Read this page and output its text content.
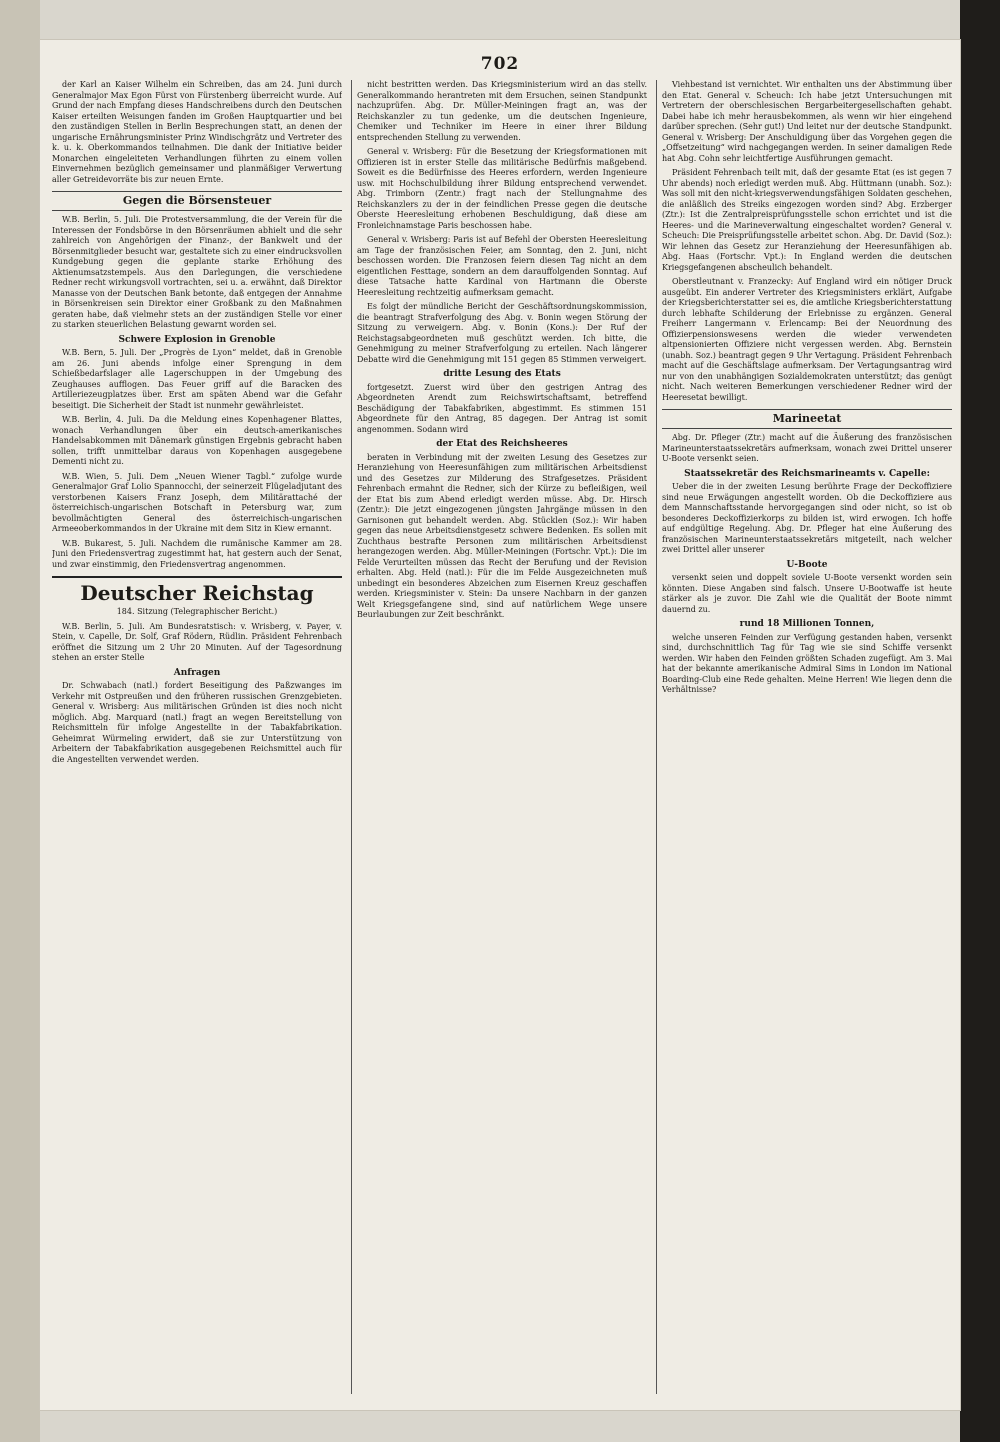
702

der Karl an Kaiser Wilhelm ein Schreiben, das am 24. Juni durch Generalmajor Max Egon Fürst von Fürstenberg überreicht wurde. Auf Grund der nach Empfang dieses Handschreibens durch den Deutschen Kaiser erteilten Weisungen fanden im Großen Hauptquartier und bei den zuständigen Stellen in Berlin Besprechungen statt, an denen der ungarische Ernährungsminister Prinz Windischgrätz und Vertreter des k. u. k. Oberkommandos teilnahmen. Die dank der Initiative beider Monarchen eingeleiteten Verhandlungen führten zu einem vollen Einvernehmen bezüglich gemeinsamer und planmäßiger Verwertung aller Getreidevorräte bis zur neuen Ernte.

Gegen die Börsensteuer

W.B. Berlin, 5. Juli. Die Protestversammlung, die der Verein für die Interessen der Fondsbörse in den Börsenräumen abhielt und die sehr zahlreich von Angehörigen der Finanz-, der Bankwelt und der Börsenmitglieder besucht war, gestaltete sich zu einer eindrucksvollen Kundgebung gegen die geplante starke Erhöhung des Aktienumsatzstempels. Aus den Darlegungen, die verschiedene Redner recht wirkungsvoll vortrachten, sei u. a. erwähnt, daß Direktor Manasse von der Deutschen Bank betonte, daß entgegen der Annahme in Börsenkreisen sein Direktor einer Großbank zu den Maßnahmen geraten habe, daß vielmehr stets an der zuständigen Stelle vor einer zu starken steuerlichen Belastung gewarnt worden sei.

Schwere Explosion in Grenoble

W.B. Bern, 5. Juli. Der „Progrès de Lyon“ meldet, daß in Grenoble am 26. Juni abends infolge einer Sprengung in dem Schießbedarfslager alle Lagerschuppen in der Umgebung des Zeughauses aufflogen. Das Feuer griff auf die Baracken des Artilleriezeugplatzes über. Erst am späten Abend war die Gefahr beseitigt. Die Sicherheit der Stadt ist nunmehr gewährleistet.

W.B. Berlin, 4. Juli. Da die Meldung eines Kopenhagener Blattes, wonach Verhandlungen über ein deutsch-amerikanisches Handelsabkommen mit Dänemark günstigen Ergebnis gebracht haben sollen, trifft unmittelbar daraus von Kopenhagen ausgegebene Dementi nicht zu.

W.B. Wien, 5. Juli. Dem „Neuen Wiener Tagbl.“ zufolge wurde Generalmajor Graf Lolio Spannocchi, der seinerzeit Flügeladjutant des verstorbenen Kaisers Franz Joseph, dem Militärattaché der österreichisch-ungarischen Botschaft in Petersburg war, zum bevollmächtigten General des österreichisch-ungarischen Armeeoberkommandos in der Ukraine mit dem Sitz in Kiew ernannt.

W.B. Bukarest, 5. Juli. Nachdem die rumänische Kammer am 28. Juni den Friedensvertrag zugestimmt hat, hat gestern auch der Senat, und zwar einstimmig, den Friedensvertrag angenommen.

Deutscher Reichstag
184. Sitzung (Telegraphischer Bericht.)

W.B. Berlin, 5. Juli. Am Bundesratstisch: v. Wrisberg, v. Payer, v. Stein, v. Capelle, Dr. Solf, Graf Rödern, Rüdlin. Präsident Fehrenbach eröffnet die Sitzung um 2 Uhr 20 Minuten. Auf der Tagesordnung stehen an erster Stelle

Anfragen

Dr. Schwabach (natl.) fordert Beseitigung des Paßzwanges im Verkehr mit Ostpreußen und den früheren russischen Grenzgebieten. General v. Wrisberg: Aus militärischen Gründen ist dies noch nicht möglich. Abg. Marquard (natl.) fragt an wegen Bereitstellung von Reichsmitteln für infolge Angestellte in der Tabakfabrikation. Geheimrat Würmeling erwidert, daß sie zur Unterstützung von Arbeitern der Tabakfabrikation ausgegebenen Reichsmittel auch für die Angestellten verwendet werden.

nicht bestritten werden. Das Kriegsministerium wird an das stellv. Generalkommando herantreten mit dem Ersuchen, seinen Standpunkt nachzuprüfen. Abg. Dr. Müller-Meiningen fragt an, was der Reichskanzler zu tun gedenke, um die deutschen Ingenieure, Chemiker und Techniker im Heere in einer ihrer Bildung entsprechenden Stellung zu verwenden.

General v. Wrisberg: Für die Besetzung der Kriegsformationen mit Offizieren ist in erster Stelle das militärische Bedürfnis maßgebend. Soweit es die Bedürfnisse des Heeres erfordern, werden Ingenieure usw. mit Hochschulbildung ihrer Bildung entsprechend verwendet. Abg. Trimborn (Zentr.) fragt nach der Stellungnahme des Reichskanzlers zu der in der feindlichen Presse gegen die deutsche Oberste Heeresleitung erhobenen Beschuldigung, daß diese am Fronleichnamstage Paris beschossen habe.

General v. Wrisberg: Paris ist auf Befehl der Obersten Heeresleitung am Tage der französischen Feier, am Sonntag, den 2. Juni, nicht beschossen worden. Die Franzosen feiern diesen Tag nicht an dem eigentlichen Festtage, sondern an dem darauffolgenden Sonntag. Auf diese Tatsache hatte Kardinal von Hartmann die Oberste Heeresleitung rechtzeitig aufmerksam gemacht.

Es folgt der mündliche Bericht der Geschäftsordnungskommission, die beantragt Strafverfolgung des Abg. v. Bonin wegen Störung der Sitzung zu verweigern. Abg. v. Bonin (Kons.): Der Ruf der Reichstagsabgeordneten muß geschützt werden. Ich bitte, die Genehmigung zu meiner Strafverfolgung zu erteilen. Nach längerer Debatte wird die Genehmigung mit 151 gegen 85 Stimmen verweigert.

dritte Lesung des Etats

fortgesetzt. Zuerst wird über den gestrigen Antrag des Abgeordneten Arendt zum Reichswirtschaftsamt, betreffend Beschädigung der Tabakfabriken, abgestimmt. Es stimmen 151 Abgeordnete für den Antrag, 85 dagegen. Der Antrag ist somit angenommen. Sodann wird

der Etat des Reichsheeres

beraten in Verbindung mit der zweiten Lesung des Gesetzes zur Heranziehung von Heeresunfähigen zum militärischen Arbeitsdienst und des Gesetzes zur Milderung des Strafgesetzes. Präsident Fehrenbach ermahnt die Redner, sich der Kürze zu befleißigen, weil der Etat bis zum Abend erledigt werden müsse. Abg. Dr. Hirsch (Zentr.): Die jetzt eingezogenen jüngsten Jahrgänge müssen in den Garnisonen gut behandelt werden. Abg. Stücklen (Soz.): Wir haben gegen das neue Arbeitsdienstgesetz schwere Bedenken. Es sollen mit Zuchthaus bestrafte Personen zum militärischen Arbeitsdienst herangezogen werden. Abg. Müller-Meiningen (Fortschr. Vpt.): Die im Felde Verurteilten müssen das Recht der Berufung und der Revision erhalten. Abg. Held (natl.): Für die im Felde Ausgezeichneten muß unbedingt ein besonderes Abzeichen zum Eisernen Kreuz geschaffen werden. Kriegsminister v. Stein: Da unsere Nachbarn in der ganzen Welt Kriegsgefangene sind, sind auf natürlichem Wege unsere Beurlaubungen zur Zeit beschränkt.

Viehbestand ist vernichtet. Wir enthalten uns der Abstimmung über den Etat. General v. Scheuch: Ich habe jetzt Untersuchungen mit Vertretern der oberschlesischen Bergarbeitergesellschaften gehabt. Dabei habe ich mehr herausbekommen, als wenn wir hier eingehend darüber sprechen. (Sehr gut!) Und leitet nur der deutsche Standpunkt. General v. Wrisberg: Der Anschuldigung über das Vorgehen gegen die „Offsetzeitung“ wird nachgegangen werden. In seiner damaligen Rede hat Abg. Cohn sehr leichtfertige Ausführungen gemacht.

Präsident Fehrenbach teilt mit, daß der gesamte Etat (es ist gegen 7 Uhr abends) noch erledigt werden muß. Abg. Hüttmann (unabh. Soz.): Was soll mit den nicht-kriegsverwendungsfähigen Soldaten geschehen, die anläßlich des Streiks eingezogen worden sind? Abg. Erzberger (Ztr.): Ist die Zentralpreisprüfungsstelle schon errichtet und ist die Heeres- und die Marineverwaltung eingeschaltet worden? General v. Scheuch: Die Preisprüfungsstelle arbeitet schon. Abg. Dr. David (Soz.): Wir lehnen das Gesetz zur Heranziehung der Heeresunfähigen ab. Abg. Haas (Fortschr. Vpt.): In England werden die deutschen Kriegsgefangenen abscheulich behandelt.

Oberstleutnant v. Franzecky: Auf England wird ein nötiger Druck ausgeübt. Ein anderer Vertreter des Kriegsministers erklärt, Aufgabe der Kriegsberichterstatter sei es, die amtliche Kriegsberichterstattung durch lebhafte Schilderung der Erlebnisse zu ergänzen. General Freiherr Langermann v. Erlencamp: Bei der Neuordnung des Offizierpensionswesens werden die wieder verwendeten altpensionierten Offiziere nicht vergessen werden. Abg. Bernstein (unabh. Soz.) beantragt gegen 9 Uhr Vertagung. Präsident Fehrenbach macht auf die Geschäftslage aufmerksam. Der Vertagungsantrag wird nur von den unabhängigen Sozialdemokraten unterstützt; das genügt nicht. Nach weiteren Bemerkungen verschiedener Redner wird der Heeresetat bewilligt.

Marineetat

Abg. Dr. Pfleger (Ztr.) macht auf die Äußerung des französischen Marineunterstaatssekretärs aufmerksam, wonach zwei Drittel unserer U-Boote versenkt seien.

Staatssekretär des Reichsmarineamts v. Capelle:

Ueber die in der zweiten Lesung berührte Frage der Deckoffiziere sind neue Erwägungen angestellt worden. Ob die Deckoffiziere aus dem Mannschaftsstande hervorgegangen sind oder nicht, so ist ob besonderes Deckoffizierkorps zu bilden ist, wird erwogen. Ich hoffe auf endgültige Regelung. Abg. Dr. Pfleger hat eine Äußerung des französischen Marineunterstaatssekretärs mitgeteilt, nach welcher zwei Drittel aller unserer

U-Boote

versenkt seien und doppelt soviele U-Boote versenkt worden sein könnten. Diese Angaben sind falsch. Unsere U-Bootwaffe ist heute stärker als je zuvor. Die Zahl wie die Qualität der Boote nimmt dauernd zu.

rund 18 Millionen Tonnen,

welche unseren Feinden zur Verfügung gestanden haben, versenkt sind, durchschnittlich Tag für Tag wie sie sind Schiffe versenkt werden. Wir haben den Feinden größten Schaden zugefügt. Am 3. Mai hat der bekannte amerikanische Admiral Sims in London im National Boarding-Club eine Rede gehalten. Meine Herren! Wie liegen denn die Verhältnisse?
